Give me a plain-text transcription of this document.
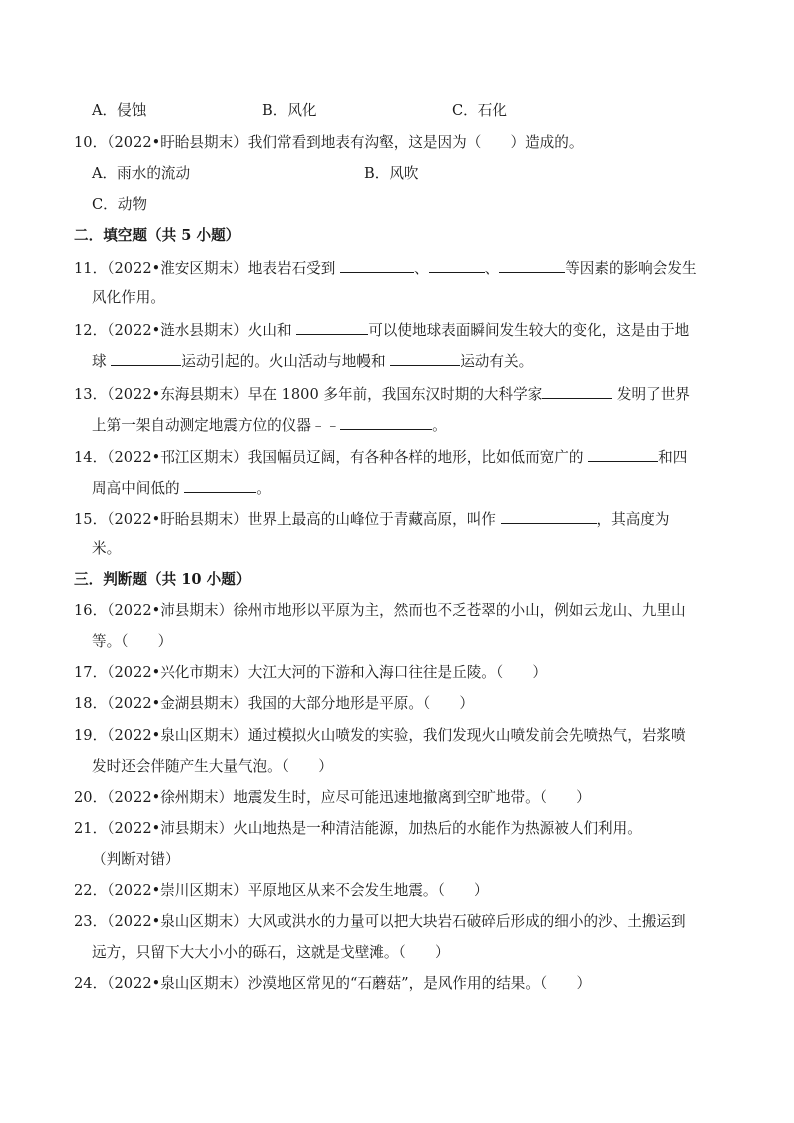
A．侵蚀	B．风化	C．石化
10．（2022•盱眙县期末）我们常看到地表有沟壑，这是因为（　　）造成的。
A．雨水的流动	B．风吹
C．动物
二．填空题（共 5 小题）
11．（2022•淮安区期末）地表岩石受到	、	、	等因素的影响会发生
风化作用。
12．（2022•涟水县期末）火山和	可以使地球表面瞬间发生较大的变化，这是由于地
球	运动引起的。火山活动与地幔和	运动有关。
13．（2022•东海县期末）早在 1800 多年前，我国东汉时期的大科学家	发明了世界
上第一架自动测定地震方位的仪器﹣﹣	。
14．（2022•邗江区期末）我国幅员辽阔，有各种各样的地形，比如低而宽广的	和四
周高中间低的	。
15．（2022•盱眙县期末）世界上最高的山峰位于青藏高原，叫作	，其高度为
米。
三．判断题（共 10 小题）
16．（2022•沛县期末）徐州市地形以平原为主，然而也不乏苍翠的小山，例如云龙山、九里山
等。（　　）
17．（2022•兴化市期末）大江大河的下游和入海口往往是丘陵。（　　）
18．（2022•金湖县期末）我国的大部分地形是平原。（　　）
19．（2022•泉山区期末）通过模拟火山喷发的实验，我们发现火山喷发前会先喷热气，岩浆喷
发时还会伴随产生大量气泡。（　　）
20．（2022•徐州期末）地震发生时，应尽可能迅速地撤离到空旷地带。（　　）
21．（2022•沛县期末）火山地热是一种清洁能源，加热后的水能作为热源被人们利用。
（判断对错）
22．（2022•崇川区期末）平原地区从来不会发生地震。（　　）
23．（2022•泉山区期末）大风或洪水的力量可以把大块岩石破碎后形成的细小的沙、土搬运到
远方，只留下大大小小的砾石，这就是戈壁滩。（　　）
24．（2022•泉山区期末）沙漠地区常见的“石蘑菇”，是风作用的结果。（　　）
